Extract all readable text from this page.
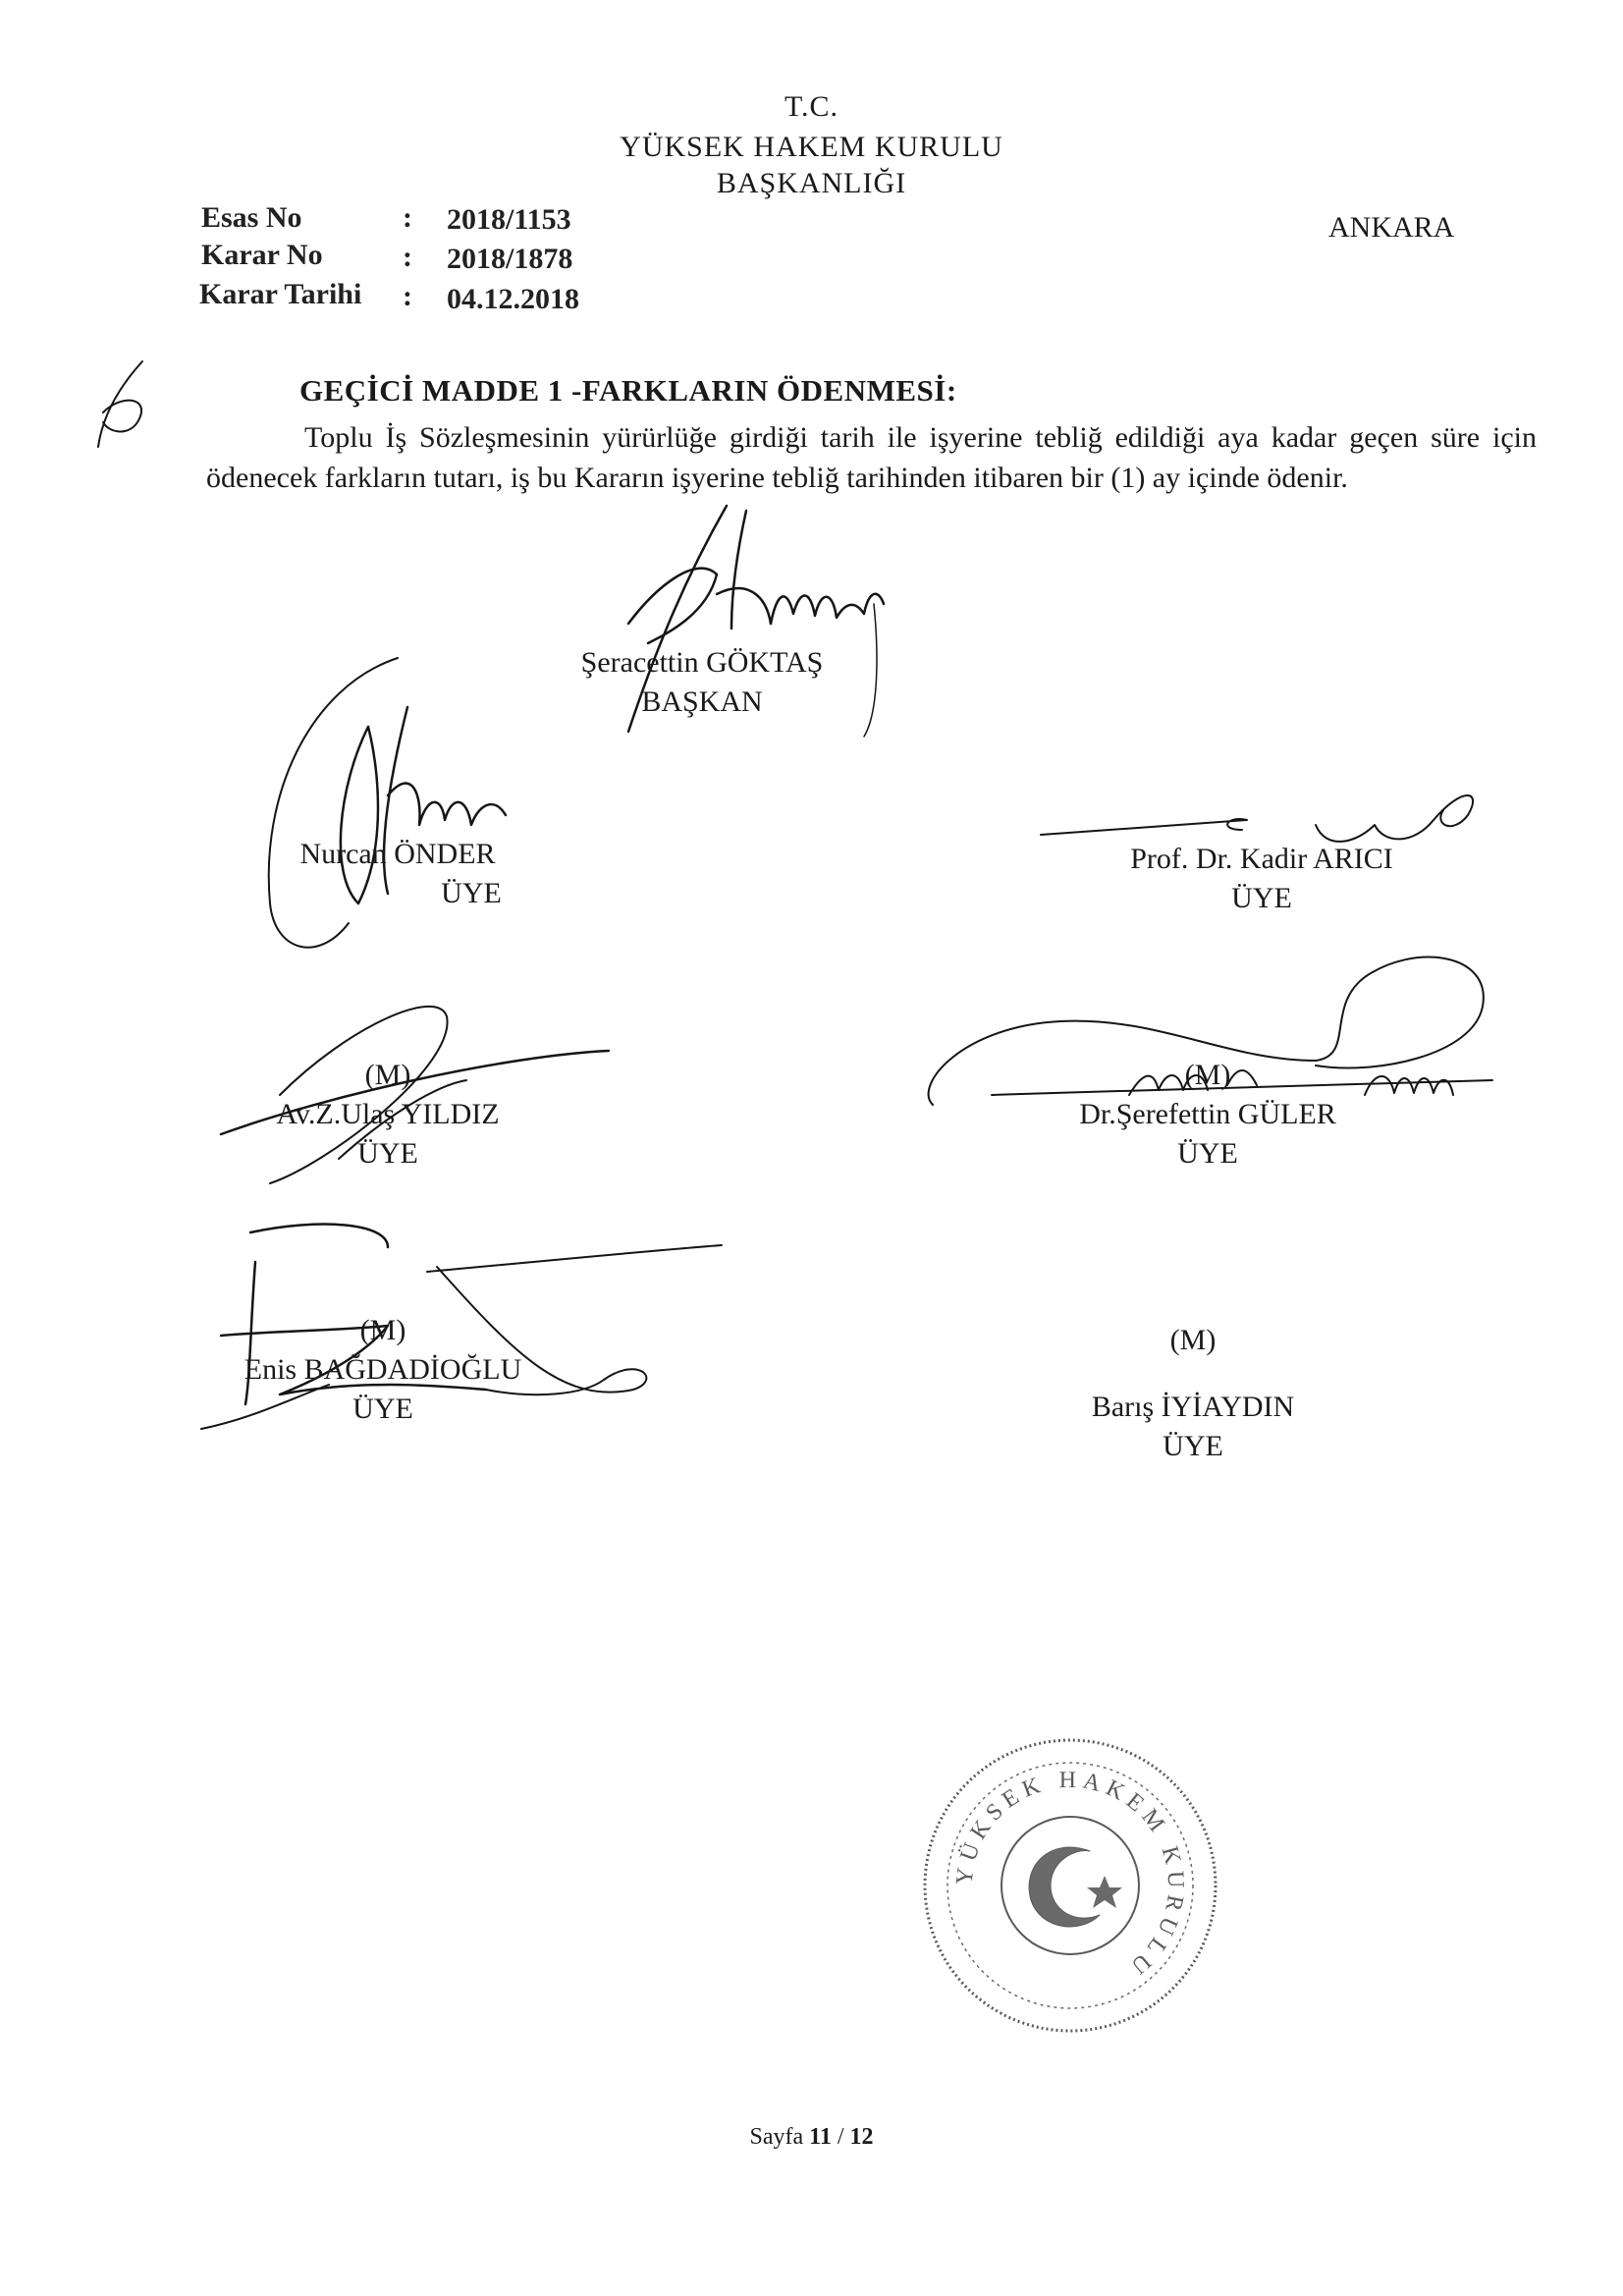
T.C.
YÜKSEK HAKEM KURULU
BAŞKANLIĞI
ANKARA
Esas No	: 2018/1153
Karar No	: 2018/1878
Karar Tarihi : 04.12.2018
GEÇİCİ MADDE 1 -FARKLARIN ÖDENMESİ:

Toplu İş Sözleşmesinin yürürlüğe girdiği tarih ile işyerine tebliğ edildiği aya kadar geçen süre için ödenecek farkların tutarı, iş bu Kararın işyerine tebliğ tarihinden itibaren bir (1) ay içinde ödenir.

Şeracettin GÖKTAŞ
BAŞKAN
Nurcan ÖNDER
ÜYE
Prof. Dr. Kadir ARICI
ÜYE
(M)
Av.Z.Ulaş YILDIZ
ÜYE
(M)
Dr.Şerefettin GÜLER
ÜYE
(M)
Enis BAĞDADİOĞLU
ÜYE
(M)
Barış İYİAYDIN
ÜYE
YÜKSEK HAKEM KURULU
Sayfa 11 / 12
